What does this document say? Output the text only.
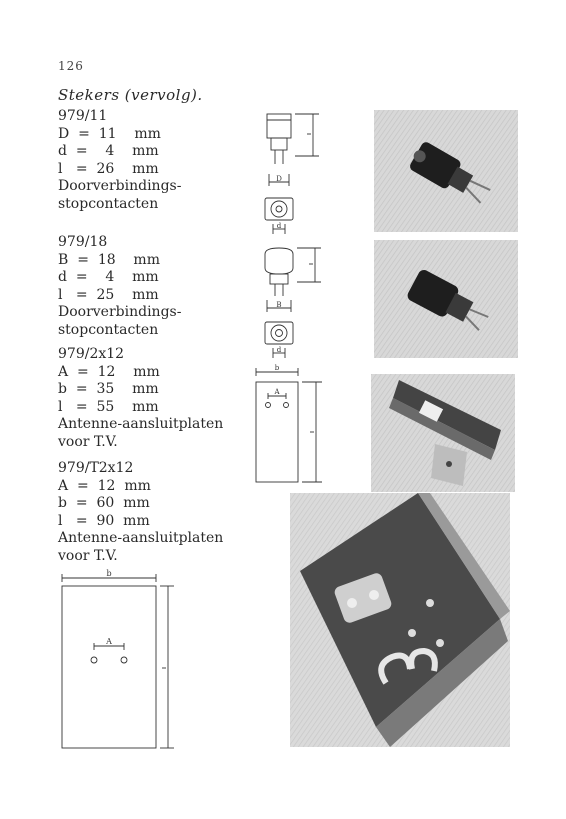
126
Stekers (vervolg).
979/11
D  =  11    mm
d  =    4    mm
l   =  26    mm
Doorverbindings-
stopcontacten
979/18
B  =  18    mm
d  =    4    mm
l   =  25    mm
Doorverbindings-
stopcontacten
979/2x12
A  =  12    mm
b  =  35    mm
l   =  55    mm
Antenne-aansluitplaten
voor T.V.
979/T2x12
A  =  12  mm
b  =  60  mm
l   =  90  mm
Antenne-aansluitplaten
voor T.V.
D
d
B
d
b
A
b
A
